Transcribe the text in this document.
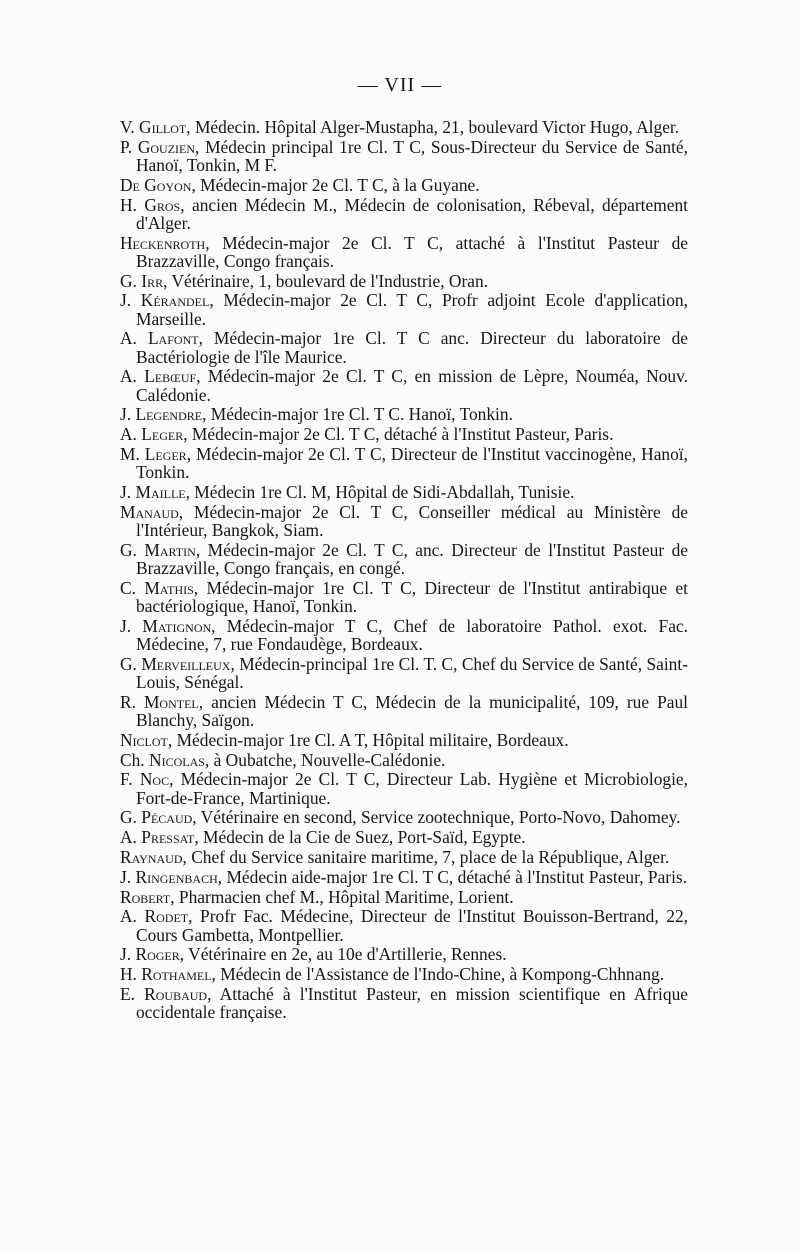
— VII —

V. Gillot, Médecin. Hôpital Alger-Mustapha, 21, boulevard Victor Hugo, Alger.

P. Gouzien, Médecin principal 1re Cl. T C, Sous-Directeur du Service de Santé, Hanoï, Tonkin, M F.

De Goyon, Médecin-major 2e Cl. T C, à la Guyane.

H. Gros, ancien Médecin M., Médecin de colonisation, Rébeval, département d'Alger.

Heckenroth, Médecin-major 2e Cl. T C, attaché à l'Institut Pasteur de Brazzaville, Congo français.

G. Irr, Vétérinaire, 1, boulevard de l'Industrie, Oran.

J. Kérandel, Médecin-major 2e Cl. T C, Profr adjoint Ecole d'application, Marseille.

A. Lafont, Médecin-major 1re Cl. T C anc. Directeur du laboratoire de Bactériologie de l'île Maurice.

A. Lebœuf, Médecin-major 2e Cl. T C, en mission de Lèpre, Nouméa, Nouv. Calédonie.

J. Legendre, Médecin-major 1re Cl. T C. Hanoï, Tonkin.

A. Leger, Médecin-major 2e Cl. T C, détaché à l'Institut Pasteur, Paris.

M. Leger, Médecin-major 2e Cl. T C, Directeur de l'Institut vaccinogène, Hanoï, Tonkin.

J. Maille, Médecin 1re Cl. M, Hôpital de Sidi-Abdallah, Tunisie.

Manaud, Médecin-major 2e Cl. T C, Conseiller médical au Ministère de l'Intérieur, Bangkok, Siam.

G. Martin, Médecin-major 2e Cl. T C, anc. Directeur de l'Institut Pasteur de Brazzaville, Congo français, en congé.

C. Mathis, Médecin-major 1re Cl. T C, Directeur de l'Institut antirabique et bactériologique, Hanoï, Tonkin.

J. Matignon, Médecin-major T C, Chef de laboratoire Pathol. exot. Fac. Médecine, 7, rue Fondaudège, Bordeaux.

G. Merveilleux, Médecin-principal 1re Cl. T. C, Chef du Service de Santé, Saint-Louis, Sénégal.

R. Montel, ancien Médecin T C, Médecin de la municipalité, 109, rue Paul Blanchy, Saïgon.

Niclot, Médecin-major 1re Cl. A T, Hôpital militaire, Bordeaux.

Ch. Nicolas, à Oubatche, Nouvelle-Calédonie.

F. Noc, Médecin-major 2e Cl. T C, Directeur Lab. Hygiène et Microbiologie, Fort-de-France, Martinique.

G. Pécaud, Vétérinaire en second, Service zootechnique, Porto-Novo, Dahomey.

A. Pressat, Médecin de la Cie de Suez, Port-Saïd, Egypte.

Raynaud, Chef du Service sanitaire maritime, 7, place de la République, Alger.

J. Ringenbach, Médecin aide-major 1re Cl. T C, détaché à l'Institut Pasteur, Paris.

Robert, Pharmacien chef M., Hôpital Maritime, Lorient.

A. Rodet, Profr Fac. Médecine, Directeur de l'Institut Bouisson-Bertrand, 22, Cours Gambetta, Montpellier.

J. Roger, Vétérinaire en 2e, au 10e d'Artillerie, Rennes.

H. Rothamel, Médecin de l'Assistance de l'Indo-Chine, à Kompong-Chhnang.

E. Roubaud, Attaché à l'Institut Pasteur, en mission scientifique en Afrique occidentale française.
